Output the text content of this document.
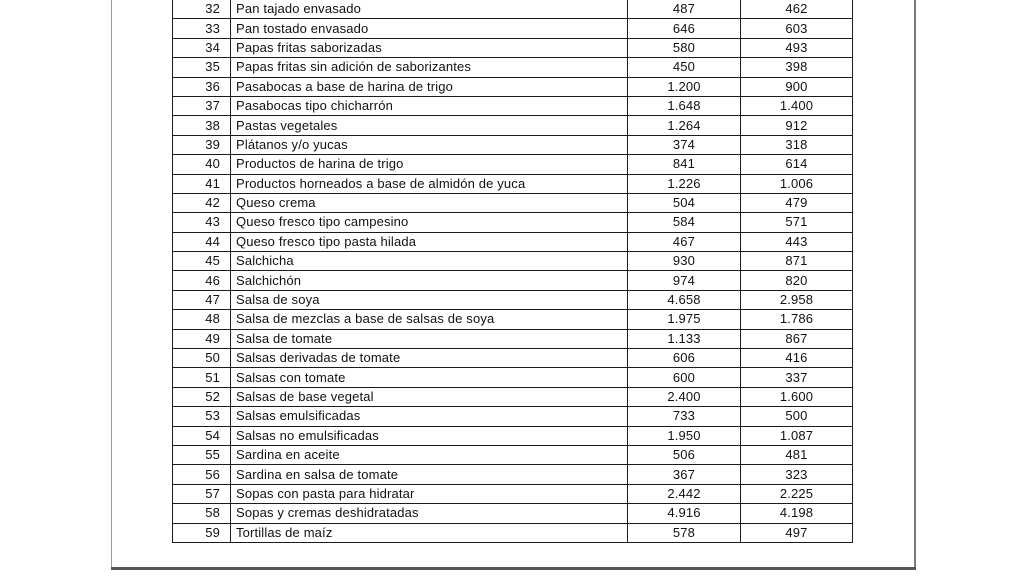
32	Pan tajado envasado	487	462
33	Pan tostado envasado	646	603
34	Papas fritas saborizadas	580	493
35	Papas fritas sin adición de saborizantes	450	398
36	Pasabocas a base de harina de trigo	1.200	900
37	Pasabocas tipo chicharrón	1.648	1.400
38	Pastas vegetales	1.264	912
39	Plátanos y/o yucas	374	318
40	Productos de harina de trigo	841	614
41	Productos horneados a base de almidón de yuca	1.226	1.006
42	Queso crema	504	479
43	Queso fresco tipo campesino	584	571
44	Queso fresco tipo pasta hilada	467	443
45	Salchicha	930	871
46	Salchichón	974	820
47	Salsa de soya	4.658	2.958
48	Salsa de mezclas a base de salsas de soya	1.975	1.786
49	Salsa de tomate	1.133	867
50	Salsas derivadas de tomate	606	416
51	Salsas con tomate	600	337
52	Salsas de base vegetal	2.400	1.600
53	Salsas emulsificadas	733	500
54	Salsas no emulsificadas	1.950	1.087
55	Sardina en aceite	506	481
56	Sardina en salsa de tomate	367	323
57	Sopas con pasta para hidratar	2.442	2.225
58	Sopas y cremas deshidratadas	4.916	4.198
59	Tortillas de maíz	578	497
